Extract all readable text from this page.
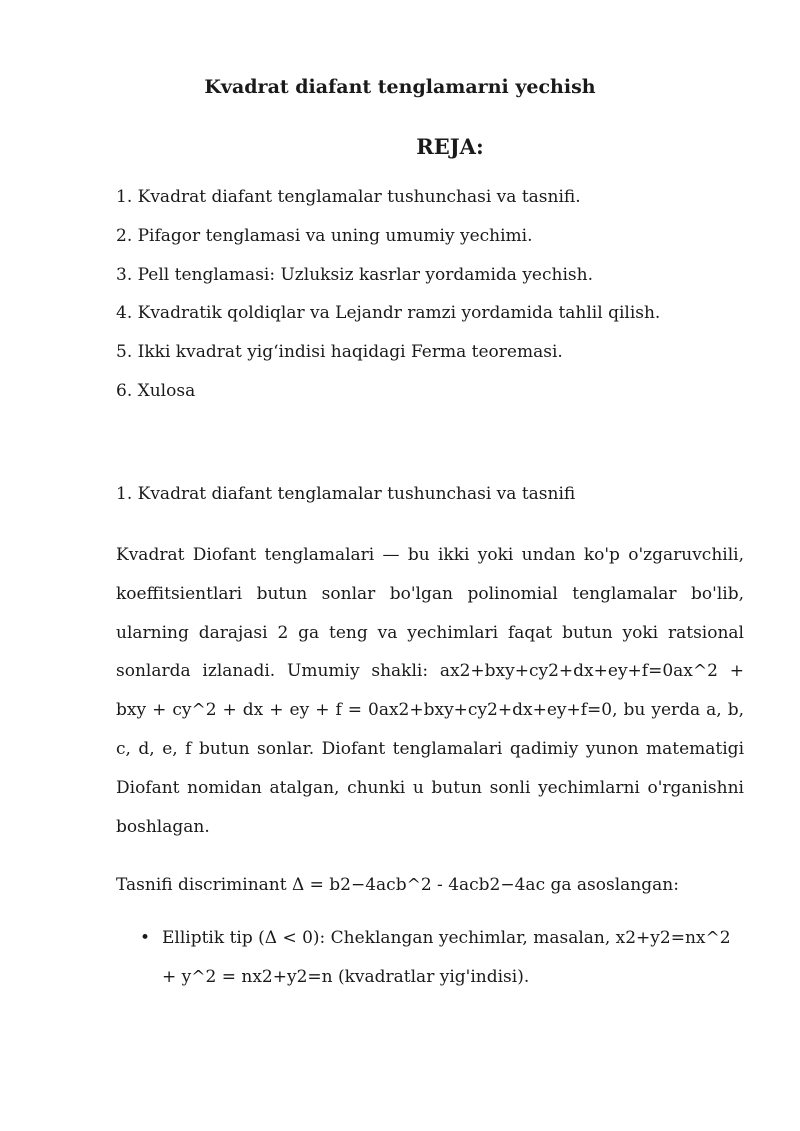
Kvadrat diafant tenglamarni yechish
REJA:
1. Kvadrat diafant tenglamalar tushunchasi va tasnifi.
2. Pifagor tenglamasi va uning umumiy yechimi.
3. Pell tenglamasi: Uzluksiz kasrlar yordamida yechish.
4. Kvadratik qoldiqlar va Lejandr ramzi yordamida tahlil qilish.
5. Ikki kvadrat yig‘indisi haqidagi Ferma teoremasi.
6. Xulosa
1. Kvadrat diafant tenglamalar tushunchasi va tasnifi

Kvadrat Diofant tenglamalari — bu ikki yoki undan ko'p o'zgaruvchili, koeffitsientlari butun sonlar bo'lgan polinomial tenglamalar bo'lib, ularning darajasi 2 ga teng va yechimlari faqat butun yoki ratsional sonlarda izlanadi. Umumiy shakli: ax2+bxy+cy2+dx+ey+f=0ax^2 + bxy + cy^2 + dx + ey + f = 0ax2+bxy+cy2+dx+ey+f=0, bu yerda a, b, c, d, e, f butun sonlar. Diofant tenglamalari qadimiy yunon matematigi Diofant nomidan atalgan, chunki u butun sonli yechimlarni o'rganishni boshlagan.

Tasnifi discriminant Δ = b2−4acb^2 - 4acb2−4ac ga asoslangan:

• Elliptik tip (Δ < 0): Cheklangan yechimlar, masalan, x2+y2=nx^2 + y^2 = nx2+y2=n (kvadratlar yig'indisi).
